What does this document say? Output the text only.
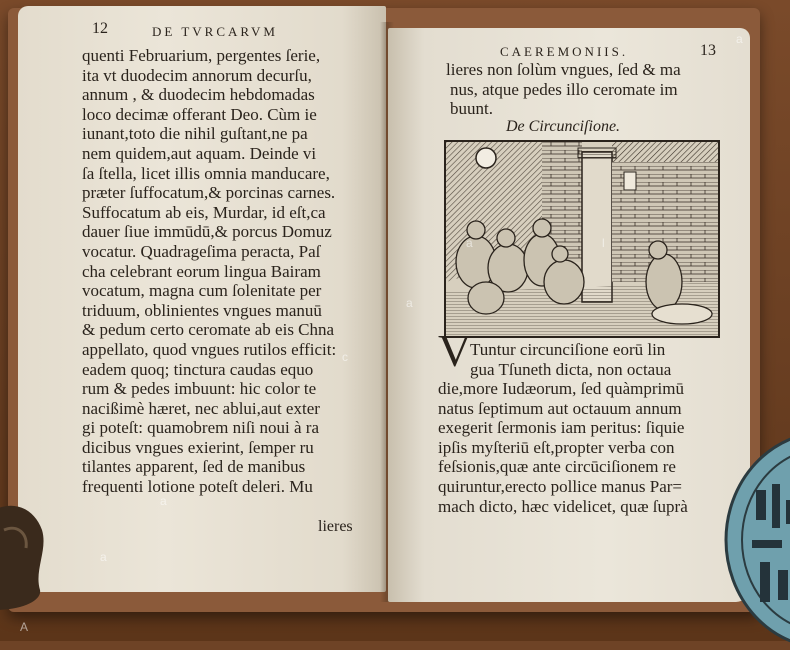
12	DE TVRCARVM
quenti Februarium, pergentes ſerie,
ita vt duodecim annorum decurſu,
annum , & duodecim hebdomadas
loco decimæ offerant Deo. Cùm ie
iunant,toto die nihil guſtant,ne pa
nem quidem,aut aquam. Deinde vi
ſa ſtella, licet illis omnia manducare,
præter ſuffocatum,& porcinas carnes.
Suffocatum ab eis, Murdar, id eſt,ca
dauer ſiue immūdū,& porcus Domuz
vocatur. Quadrageſima peracta, Paſ
cha celebrant eorum lingua Bairam
vocatum, magna cum ſolenitate per
triduum, oblinientes vngues manuū
& pedum certo ceromate ab eis Chna
appellato, quod vngues rutilos efficit:
eadem quoq; tinctura caudas equo
rum & pedes imbuunt: hic color te
nacißimè hæret, nec ablui,aut exter
gi poteſt: quamobrem niſi noui à ra
dicibus vngues exierint, ſemper ru
tilantes apparent, ſed de manibus
frequenti lotione poteſt deleri. Mu
lieres
CAEREMONIIS.	13
lieres non ſolùm vngues, ſed & ma
nus, atque pedes illo ceromate im
buunt.
De Circunciſione.
V
Tuntur circunciſione eorū lin
gua Tſuneth dicta, non octaua
die,more Iudæorum, ſed quàmprimū
natus ſeptimum aut octauum annum
exegerit ſermonis iam peritus: ſiquie
ipſis myſteriū eſt,propter verba con
feſsionis,quæ ante circūciſionem re
quiruntur,erecto pollice manus Par=
mach dicto, hæc videlicet, quæ ſuprà
a
a
c
a
A
l
a
a
